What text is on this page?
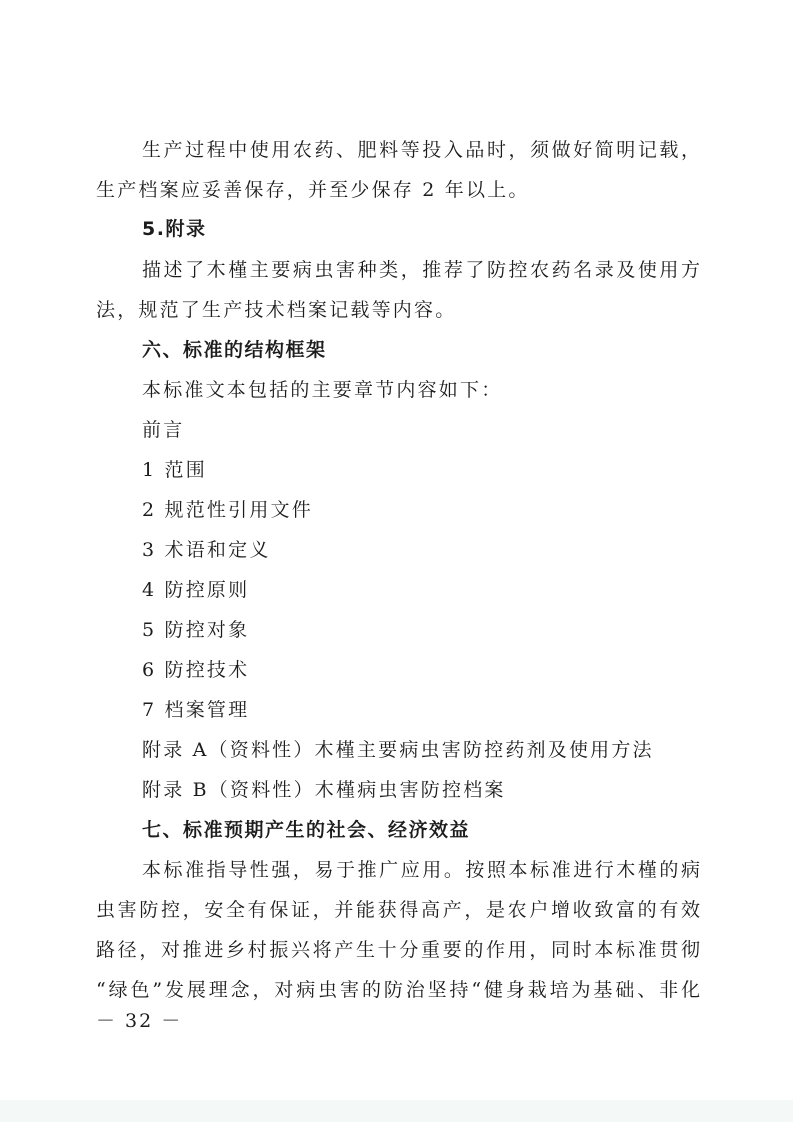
生产过程中使用农药、肥料等投入品时，须做好简明记载，
生产档案应妥善保存，并至少保存 2 年以上。
5.附录
描述了木槿主要病虫害种类，推荐了防控农药名录及使用方
法，规范了生产技术档案记载等内容。
六、标准的结构框架
本标准文本包括的主要章节内容如下：
前言
1 范围
2 规范性引用文件
3 术语和定义
4 防控原则
5 防控对象
6 防控技术
7 档案管理
附录 A（资料性）木槿主要病虫害防控药剂及使用方法
附录 B（资料性）木槿病虫害防控档案
七、标准预期产生的社会、经济效益
本标准指导性强，易于推广应用。按照本标准进行木槿的病
虫害防控，安全有保证，并能获得高产，是农户增收致富的有效
路径，对推进乡村振兴将产生十分重要的作用，同时本标准贯彻
“绿色”发展理念，对病虫害的防治坚持“健身栽培为基础、非化
－ 32 －
